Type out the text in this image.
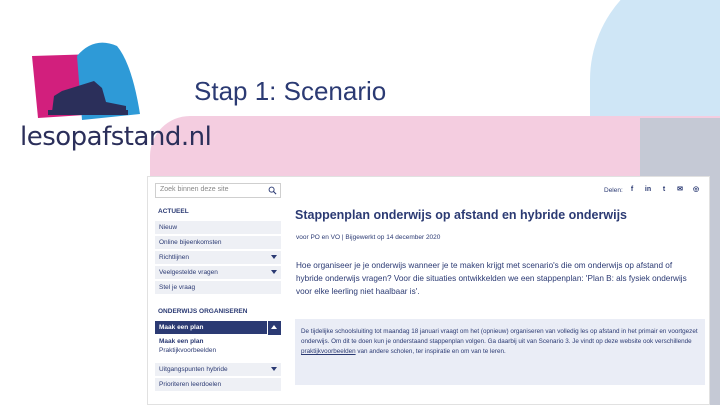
lesopafstand.nl
Stap 1: Scenario
Zoek binnen deze site
ACTUEEL
Nieuw
Online bijeenkomsten
Richtlijnen
Veelgestelde vragen
Stel je vraag
ONDERWIJS ORGANISEREN
Maak een plan
Maak een plan
Praktijkvoorbeelden
Uitgangspunten hybride
Prioriteren leerdoelen
Delen:	f	in	t	✉	◎
Stappenplan onderwijs op afstand en hybride onderwijs
voor PO en VO | Bijgewerkt op 14 december 2020
Hoe organiseer je je onderwijs wanneer je te maken krijgt met scenario's die om onderwijs op afstand of hybride onderwijs vragen? Voor die situaties ontwikkelden we een stappenplan: 'Plan B: als fysiek onderwijs voor elke leerling niet haalbaar is'.
De tijdelijke schoolsluiting tot maandag 18 januari vraagt om het (opnieuw) organiseren van volledig les op afstand in het primair en voortgezet onderwijs. Om dit te doen kun je onderstaand stappenplan volgen. Ga daarbij uit van Scenario 3. Je vindt op deze website ook verschillende praktijkvoorbeelden van andere scholen, ter inspiratie en om van te leren.
